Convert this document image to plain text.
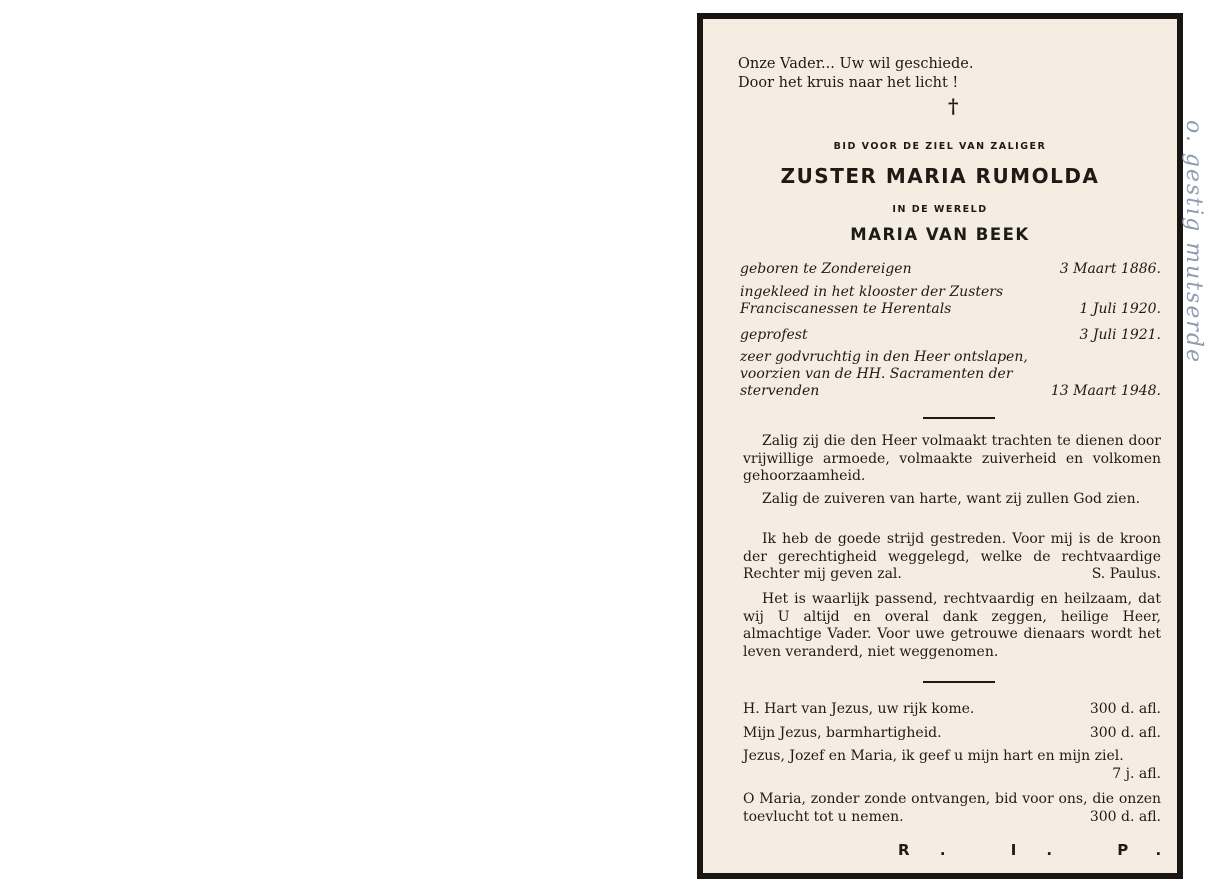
Onze Vader... Uw wil geschiede.
Door het kruis naar het licht !
†
BID VOOR DE ZIEL VAN ZALIGER
ZUSTER MARIA RUMOLDA
IN DE WERELD
MARIA VAN BEEK
geboren te Zondereigen	3 Maart 1886.
ingekleed in het klooster der Zusters
Franciscanessen te Herentals	1 Juli 1920.
geprofest	3 Juli 1921.
zeer godvruchtig in den Heer ontslapen,
voorzien van de HH. Sacramenten der
stervenden	13 Maart 1948.
Zalig zij die den Heer volmaakt trachten te dienen door vrijwillige armoede, volmaakte zuiverheid en volkomen gehoorzaamheid.
Zalig de zuiveren van harte, want zij zullen God zien.
Ik heb de goede strijd gestreden. Voor mij is de kroon der gerechtigheid weggelegd, welke de rechtvaardige Rechter mij geven zal.	S. Paulus.
Het is waarlijk passend, rechtvaardig en heilzaam, dat wij U altijd en overal dank zeggen, heilige Heer, almachtige Vader. Voor uwe getrouwe dienaars wordt het leven veranderd, niet weggenomen.
H. Hart van Jezus, uw rijk kome.	300 d. afl.
Mijn Jezus, barmhartigheid.	300 d. afl.
Jezus, Jozef en Maria, ik geef u mijn hart en mijn ziel.
7 j. afl.
O Maria, zonder zonde ontvangen, bid voor ons, die onzen toevlucht tot u nemen.	300 d. afl.
R. I. P.
o. gestig mutserde
